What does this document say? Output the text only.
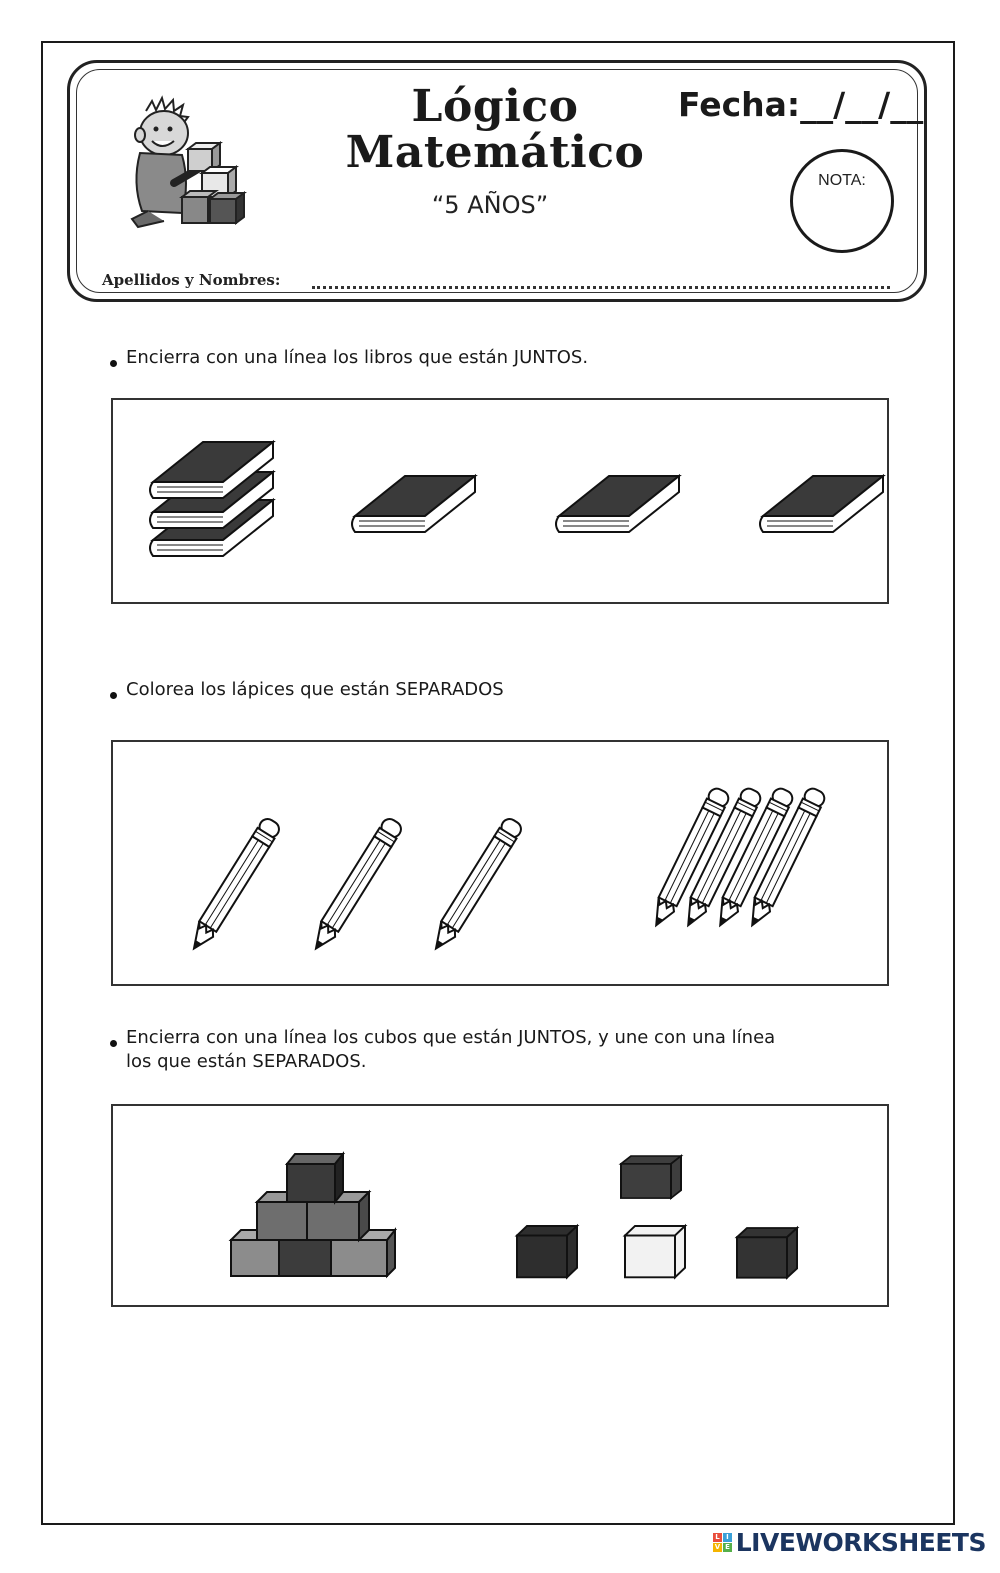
Lógico
Matemático
“5 AÑOS”
Fecha:__/__/__
NOTA:
Apellidos y Nombres:
Encierra con una línea los libros que están JUNTOS.
Colorea los lápices que están SEPARADOS
Encierra con una línea los cubos que están JUNTOS, y une con una línea
los que están SEPARADOS.
L I
V E LIVEWORKSHEETS
